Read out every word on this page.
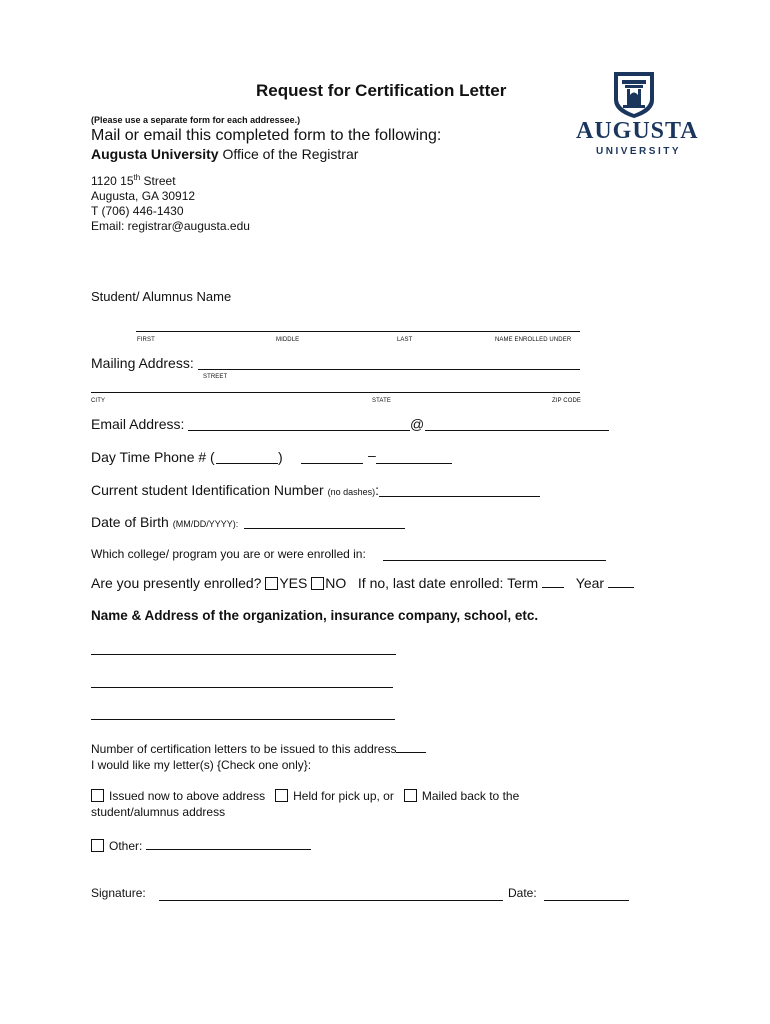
Request for Certification Letter
AUGUSTA
UNIVERSITY
(Please use a separate form for each addressee.)
Mail or email this completed form to the following:
Augusta University Office of the Registrar
1120 15th Street
Augusta, GA 30912
T (706) 446-1430
Email: registrar@augusta.edu
Student/ Alumnus Name
FIRST	MIDDLE	LAST	NAME ENROLLED UNDER
Mailing Address:
STREET
CITY	STATE	ZIP CODE
Email Address:	@
Day Time Phone # (	)	–
Current student Identification Number (no dashes):
Date of Birth (MM/DD/YYYY):
Which college/ program you are or were enrolled in:
Are you presently enrolled? YES NO If no, last date enrolled: Term	Year
Name & Address of the organization, insurance company, school, etc.
Number of certification letters to be issued to this address
I would like my letter(s) {Check one only}:
Issued now to above address Held for pick up, or Mailed back to the
student/alumnus address
Other:
Signature:	Date:
